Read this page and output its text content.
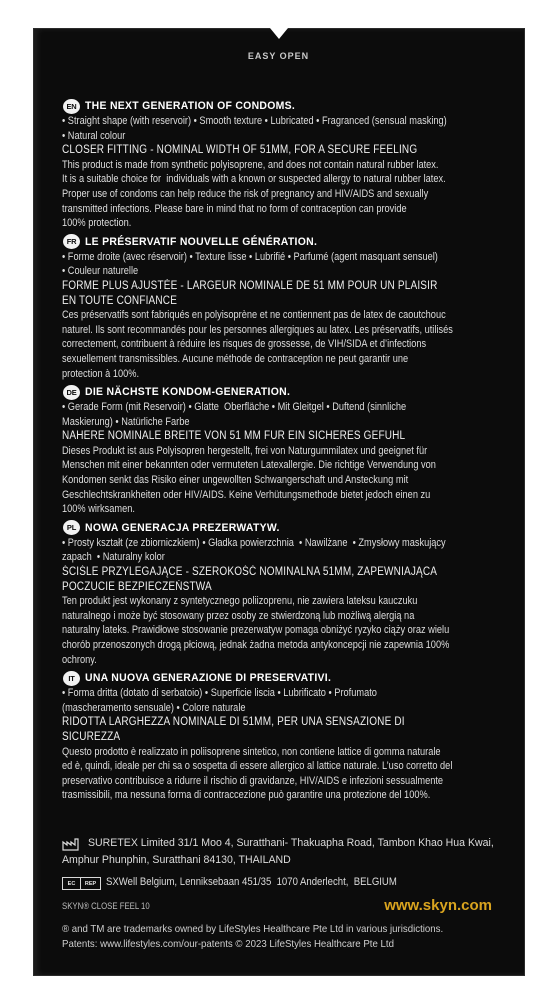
EASY OPEN
EN THE NEXT GENERATION OF CONDOMS.
• Straight shape (with reservoir) • Smooth texture • Lubricated • Fragranced (sensual masking)
• Natural colour
CLOSER FITTING - NOMINAL WIDTH OF 51MM, FOR A SECURE FEELING
This product is made from synthetic polyisoprene, and does not contain natural rubber latex.
It is a suitable choice for  individuals with a known or suspected allergy to natural rubber latex.
Proper use of condoms can help reduce the risk of pregnancy and HIV/AIDS and sexually
transmitted infections. Please bare in mind that no form of contraception can provide
100% protection.
FR LE PRÉSERVATIF NOUVELLE GÉNÉRATION.
• Forme droite (avec réservoir) • Texture lisse • Lubrifié • Parfumé (agent masquant sensuel)
• Couleur naturelle
FORME PLUS AJUSTÉE - LARGEUR NOMINALE DE 51 MM POUR UN PLAISIR
EN TOUTE CONFIANCE
Ces préservatifs sont fabriqués en polyisoprène et ne contiennent pas de latex de caoutchouc
naturel. Ils sont recommandés pour les personnes allergiques au latex. Les préservatifs, utilisés
correctement, contribuent à réduire les risques de grossesse, de VIH/SIDA et d’infections
sexuellement transmissibles. Aucune méthode de contraception ne peut garantir une
protection à 100%.
DE DIE NÄCHSTE KONDOM-GENERATION.
• Gerade Form (mit Reservoir) • Glatte  Oberfläche • Mit Gleitgel • Duftend (sinnliche
Maskierung) • Natürliche Farbe
NÄHERE NOMINALE BREITE VON 51 MM FÜR EIN SICHERES GEFÜHL
Dieses Produkt ist aus Polyisopren hergestellt, frei von Naturgummilatex und geeignet für
Menschen mit einer bekannten oder vermuteten Latexallergie. Die richtige Verwendung von
Kondomen senkt das Risiko einer ungewollten Schwangerschaft und Ansteckung mit
Geschlechtskrankheiten oder HIV/AIDS. Keine Verhütungsmethode bietet jedoch einen zu
100% wirksamen.
PL NOWA GENERACJA PREZERWATYW.
• Prosty kształt (ze zbiorniczkiem) • Gładka powierzchnia  • Nawilżane  • Zmysłowy maskujący
zapach  • Naturalny kolor
ŚCIŚLE PRZYLEGAJĄCE - SZEROKOŚĆ NOMINALNA 51MM, ZAPEWNIAJĄCA
POCZUCIE BEZPIECZEŃSTWA
Ten produkt jest wykonany z syntetycznego poliizoprenu, nie zawiera lateksu kauczuku
naturalnego i może być stosowany przez osoby ze stwierdzoną lub możliwą alergią na
naturalny lateks. Prawidłowe stosowanie prezerwatyw pomaga obniżyć ryzyko ciąży oraz wielu
chorób przenoszonych drogą płciową, jednak żadna metoda antykoncepcji nie zapewnia 100%
ochrony.
IT UNA NUOVA GENERAZIONE DI PRESERVATIVI.
• Forma dritta (dotato di serbatoio) • Superficie liscia • Lubrificato • Profumato
(mascheramento sensuale) • Colore naturale
RIDOTTA LARGHEZZA NOMINALE DI 51MM, PER UNA SENSAZIONE DI
SICUREZZA
Questo prodotto è realizzato in poliisoprene sintetico, non contiene lattice di gomma naturale
ed è, quindi, ideale per chi sa o sospetta di essere allergico al lattice naturale. L’uso corretto del
preservativo contribuisce a ridurre il rischio di gravidanze, HIV/AIDS e infezioni sessualmente
trasmissibili, ma nessuna forma di contraccezione può garantire una protezione del 100%.
SURETEX Limited 31/1 Moo 4, Suratthani- Thakuapha Road, Tambon Khao Hua Kwai,
Amphur Phunphin, Suratthani 84130, THAILAND
EC	REP SXWell Belgium, Lenniksebaan 451/35  1070 Anderlecht,  BELGIUM
SKYN® CLOSE FEEL 10	www.skyn.com
® and TM are trademarks owned by LifeStyles Healthcare Pte Ltd in various jurisdictions.
Patents: www.lifestyles.com/our-patents © 2023 LifeStyles Healthcare Pte Ltd
